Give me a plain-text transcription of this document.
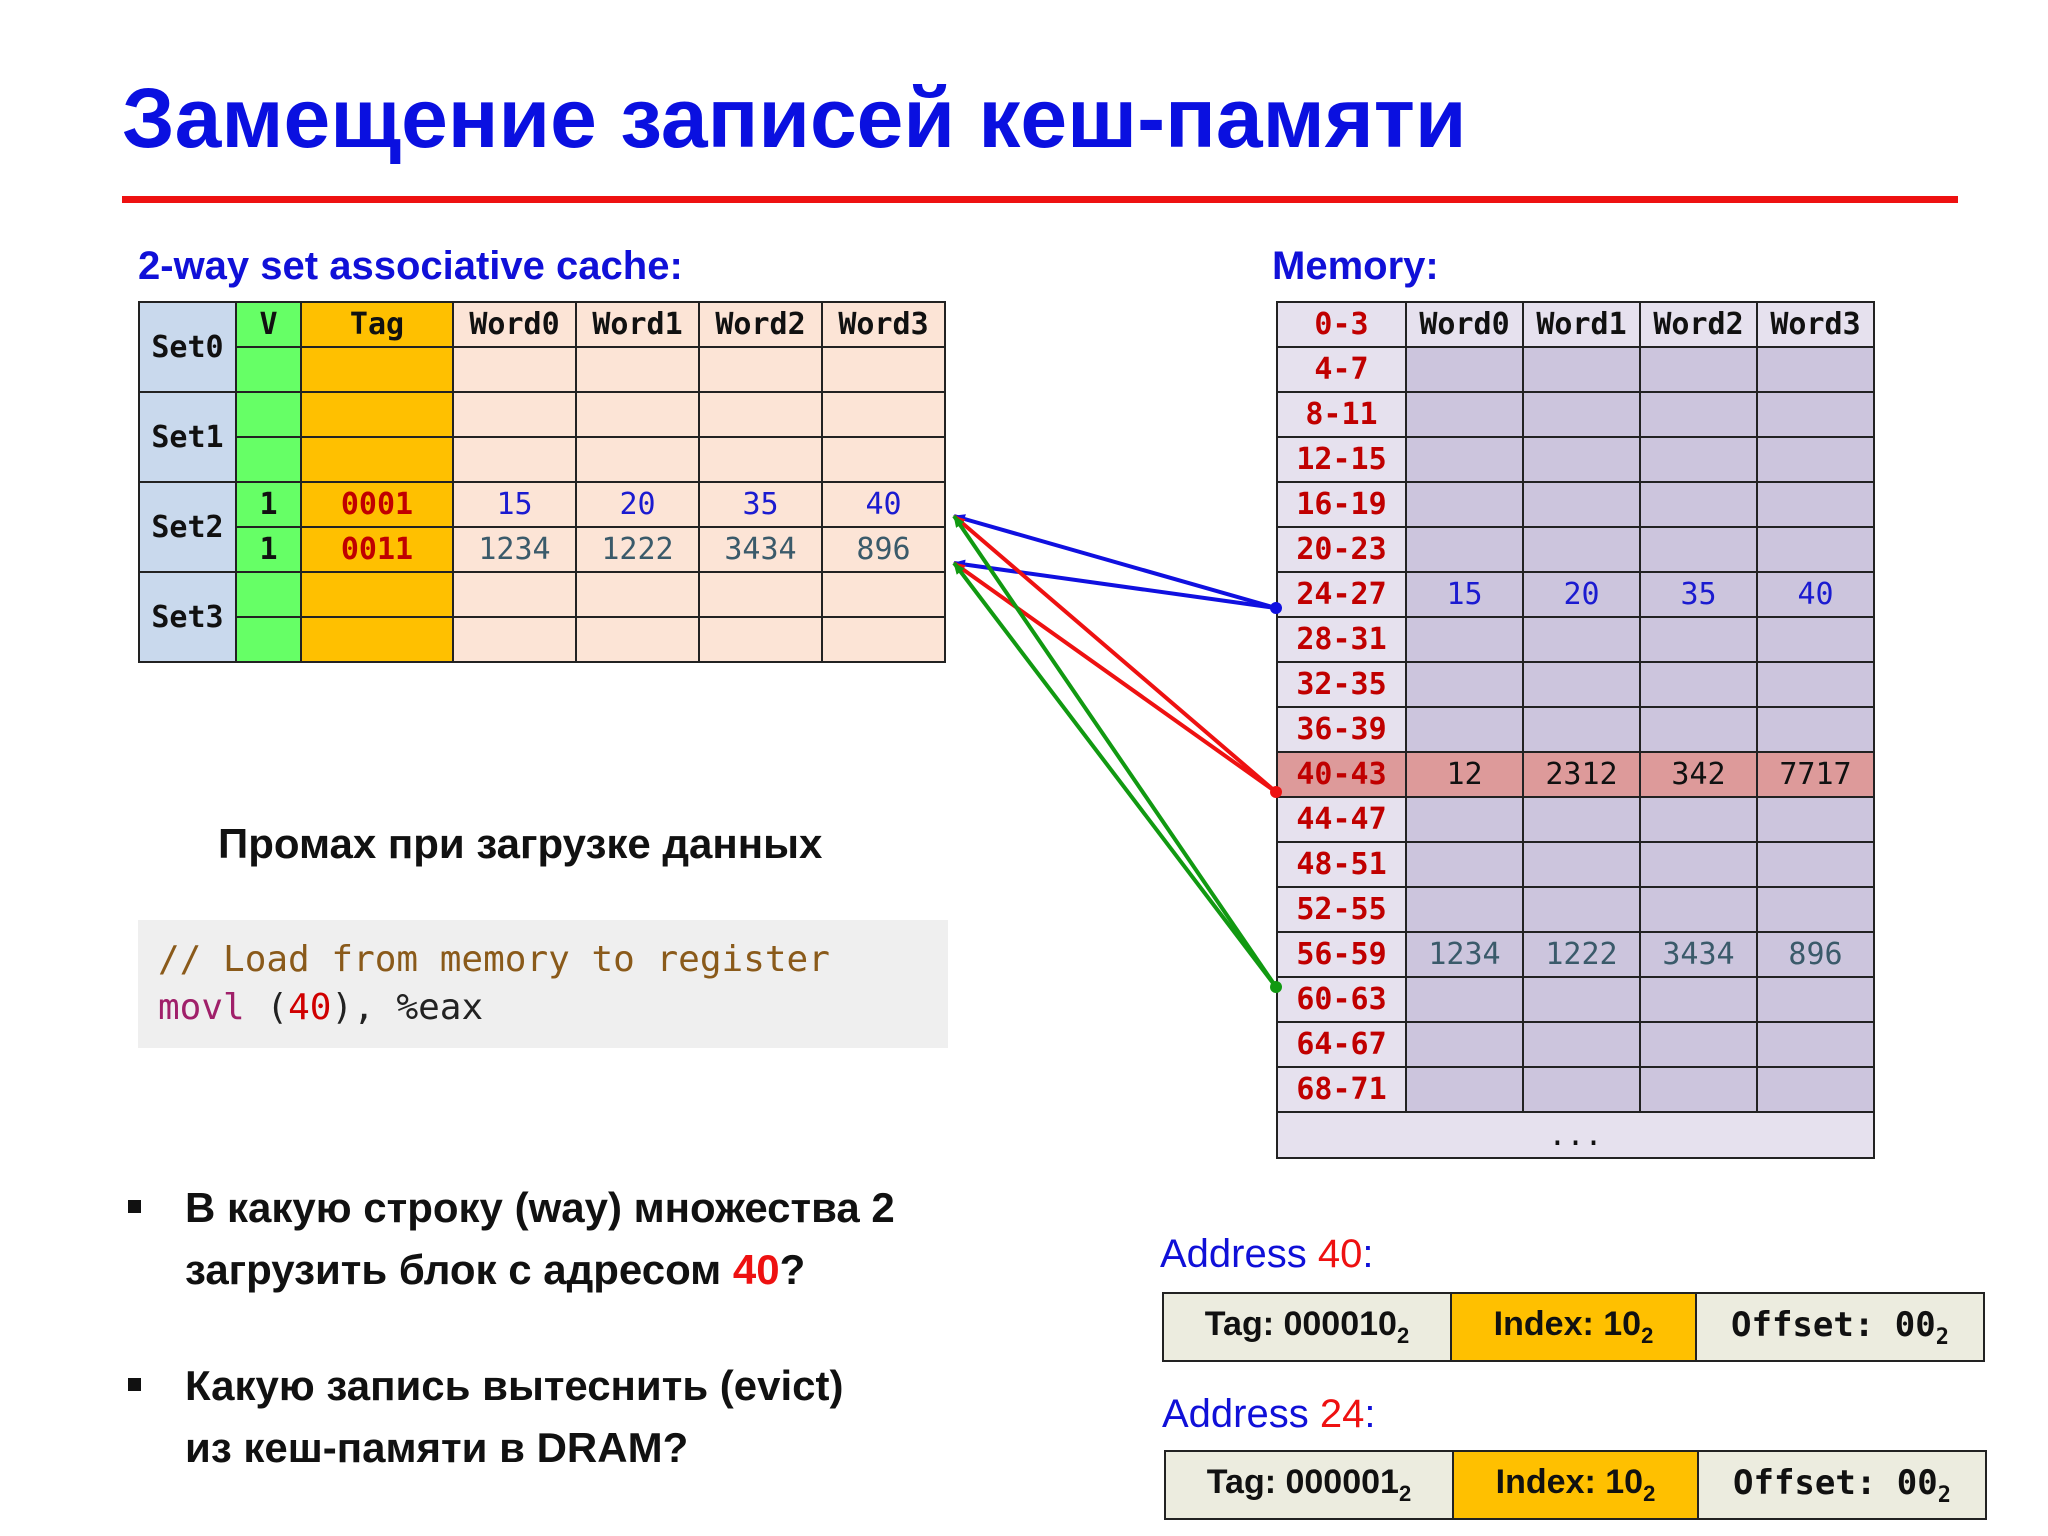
Замещение записей кеш-памяти
2-way set associative cache:
Set0	V	Tag	Word0	Word1	Word2	Word3

Set1						

Set2	1	0001	15	20	35	40
	1	0011	1234	1222	3434	896
Set3						

Memory:
0-3	Word0	Word1	Word2	Word3
4-7				
8-11				
12-15				
16-19				
20-23				
24-27	15	20	35	40
28-31				
32-35				
36-39				
40-43	12	2312	342	7717
44-47				
48-51				
52-55				
56-59	1234	1222	3434	896
60-63				
64-67				
68-71				
...				
Промах при загрузке данных
// Load from memory to register
movl (40), %eax
В какую строку (way) множества 2
загрузить блок с адресом 40?
Какую запись вытеснить (evict)
из кеш-памяти в DRAM?
Address 40:
Tag: $000010_2$	Index: $10_2$	Offset: $00_2$
Address 24:
Tag: $000001_2$	Index: $10_2$	Offset: $00_2$
